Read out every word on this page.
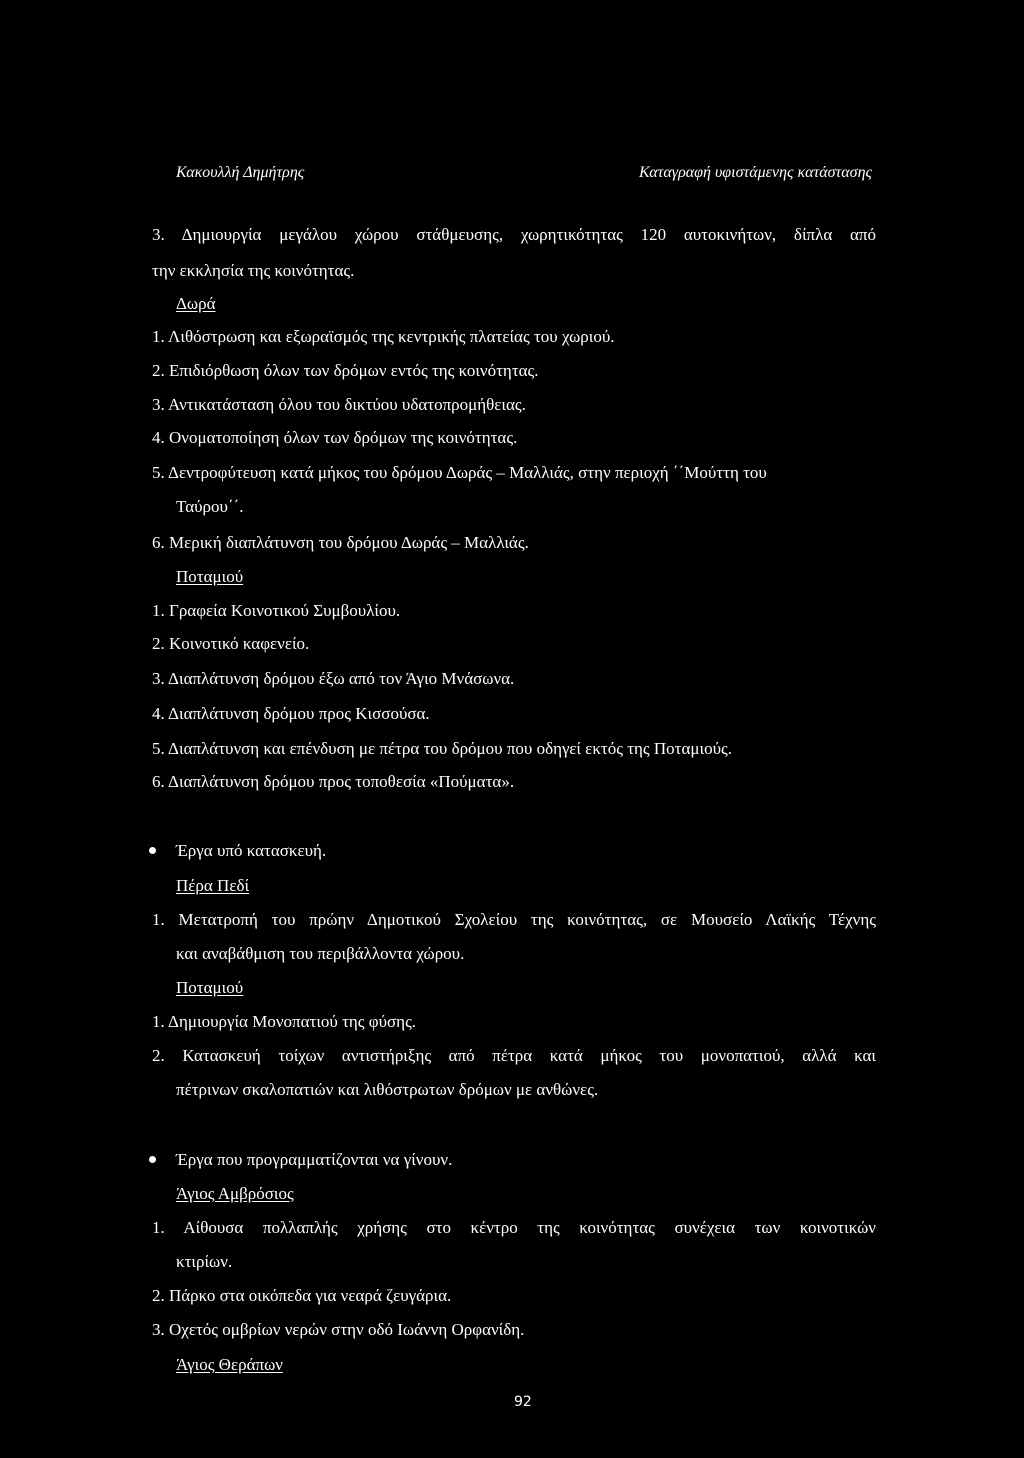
Κακουλλή Δημήτρης	Καταγραφή υφιστάμενης κατάστασης
3. Δημιουργία μεγάλου χώρου στάθμευσης, χωρητικότητας 120 αυτοκινήτων, δίπλα από
την εκκλησία της κοινότητας.
Δωρά
1. Λιθόστρωση και εξωραϊσμός της κεντρικής πλατείας του χωριού.
2. Επιδιόρθωση όλων των δρόμων εντός της κοινότητας.
3. Αντικατάσταση όλου του δικτύου υδατοπρομήθειας.
4. Ονοματοποίηση όλων των δρόμων της κοινότητας.
5. Δεντροφύτευση κατά μήκος του δρόμου Δωράς – Μαλλιάς, στην περιοχή ΄΄Μούττη του
Ταύρου΄΄.
6. Μερική διαπλάτυνση του δρόμου Δωράς – Μαλλιάς.
Ποταμιού
1. Γραφεία Κοινοτικού Συμβουλίου.
2. Κοινοτικό καφενείο.
3. Διαπλάτυνση δρόμου έξω από τον Άγιο Μνάσωνα.
4. Διαπλάτυνση δρόμου προς Κισσούσα.
5. Διαπλάτυνση και επένδυση με πέτρα του δρόμου που οδηγεί εκτός της Ποταμιούς.
6. Διαπλάτυνση δρόμου προς τοποθεσία «Πούματα».
Έργα υπό κατασκευή.
Πέρα Πεδί
1. Μετατροπή του πρώην Δημοτικού Σχολείου της κοινότητας, σε Μουσείο Λαϊκής Τέχνης
και αναβάθμιση του περιβάλλοντα χώρου.
Ποταμιού
1. Δημιουργία Μονοπατιού της φύσης.
2. Κατασκευή τοίχων αντιστήριξης από πέτρα κατά μήκος του μονοπατιού, αλλά και
πέτρινων σκαλοπατιών και λιθόστρωτων δρόμων με ανθώνες.
Έργα που προγραμματίζονται να γίνουν.
Άγιος Αμβρόσιος
1. Αίθουσα πολλαπλής χρήσης στο κέντρο της κοινότητας συνέχεια των κοινοτικών
κτιρίων.
2. Πάρκο στα οικόπεδα για νεαρά ζευγάρια.
3. Οχετός ομβρίων νερών στην οδό Ιωάννη Ορφανίδη.
Άγιος Θεράπων
92
